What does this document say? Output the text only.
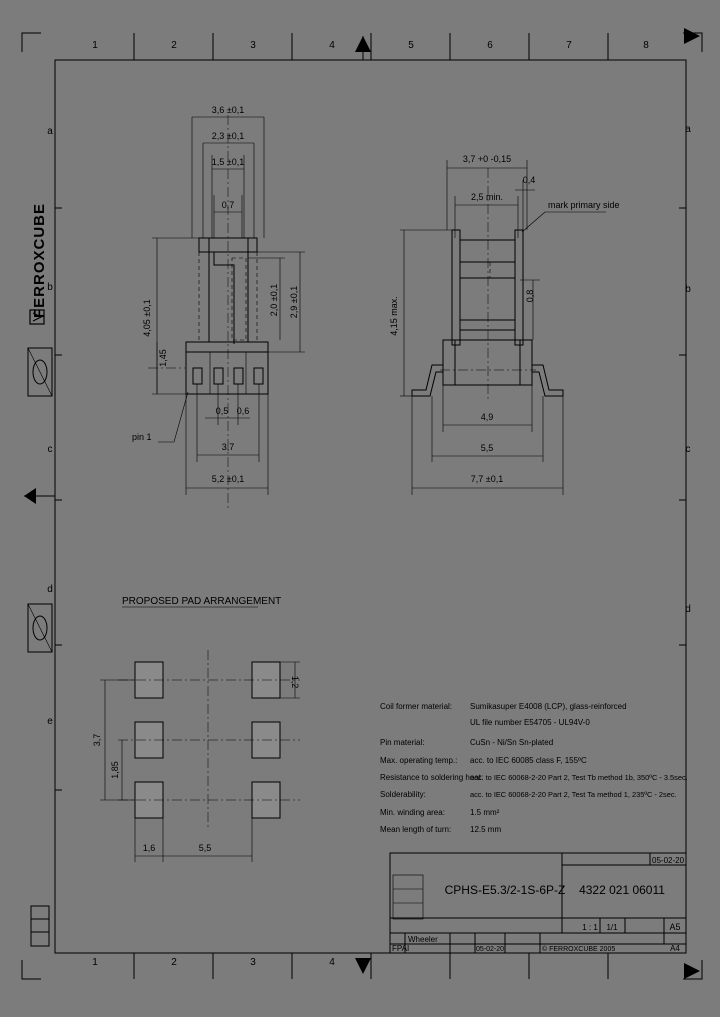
1	2	3	4	5	6	7	8
1	2	3	4
a
b
c
d
e
a
b
c
d
FERROXCUBE
3,6 ±0,1
2,3 ±0,1
1,5 ±0,1
0,7
4,05 ±0,1	2,0 ±0,1 2,9 ±0,1
1,45
0,5 0,6
3,7
5,2 ±0,1
pin 1
3,7 +0 -0,15
2,5 min.
0,4
mark primary side
4,15 max.
0,8
4,9
5,5
7,7 ±0,1
PROPOSED PAD ARRANGEMENT
1,2
3,7
1,85
1,6	5,5
Coil former material: Sumikasuper E4008 (LCP), glass-reinforced
UL file number E54705 - UL94V-0
Pin material:	CuSn - Ni/Sn Sn-plated
Max. operating temp.: acc. to IEC 60085 class F, 155ºC
Resistance to soldering heat:
acc. to IEC 60068-2-20 Part 2, Test Tb method 1b, 350ºC - 3.5sec.
Solderability:	acc. to IEC 60068-2-20 Part 2, Test Ta method 1, 235ºC - 2sec.
Min. winding area:	1.5 mm²
Mean length of turn: 12.5 mm
05-02-20
CPHS-E5.3/2-1S-6P-Z 4322 021 06011
1 : 1 1/1	A5
FPAI
Wheeler
05-02-20	© FERROXCUBE 2005	A4
